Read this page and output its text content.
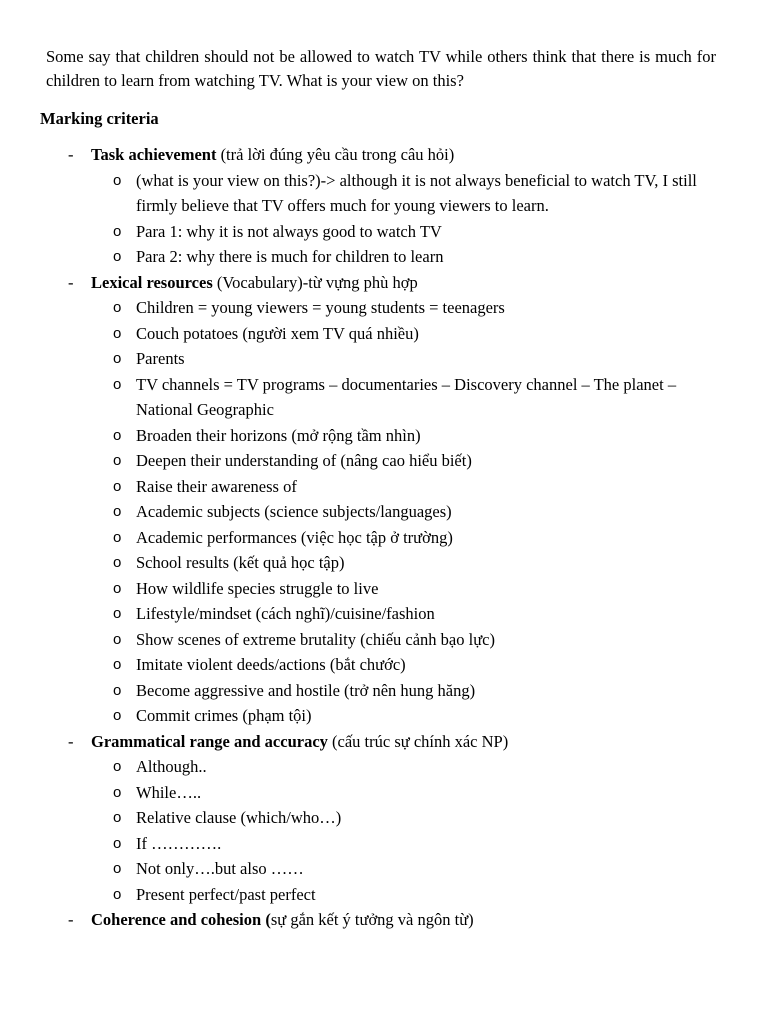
Some say that children should not be allowed to watch TV while others think that there is much for children to learn from watching TV. What is your view on this?

Marking criteria

- Task achievement (trả lời đúng yêu cầu trong câu hỏi)
o (what is your view on this?)-> although it is not always beneficial to watch TV, I still firmly believe that TV offers much for young viewers to learn.
o Para 1: why it is not always good to watch TV
o Para 2: why there is much for children to learn
- Lexical resources (Vocabulary)-từ vựng phù hợp
o Children = young viewers = young students = teenagers
o Couch potatoes (người xem TV quá nhiều)
o Parents
o TV channels = TV programs – documentaries – Discovery channel – The planet – National Geographic
o Broaden their horizons (mở rộng tầm nhìn)
o Deepen their understanding of (nâng cao hiểu biết)
o Raise their awareness of
o Academic subjects (science subjects/languages)
o Academic performances (việc học tập ở trường)
o School results (kết quả học tập)
o How wildlife species struggle to live
o Lifestyle/mindset (cách nghĩ)/cuisine/fashion
o Show scenes of extreme brutality (chiếu cảnh bạo lực)
o Imitate violent deeds/actions (bắt chước)
o Become aggressive and hostile (trở nên hung hăng)
o Commit crimes (phạm tội)
- Grammatical range and accuracy (cấu trúc sự chính xác NP)
o Although..
o While…..
o Relative clause (which/who…)
o If ………….
o Not only….but also ……
o Present perfect/past perfect
- Coherence and cohesion (sự gắn kết ý tưởng và ngôn từ)
